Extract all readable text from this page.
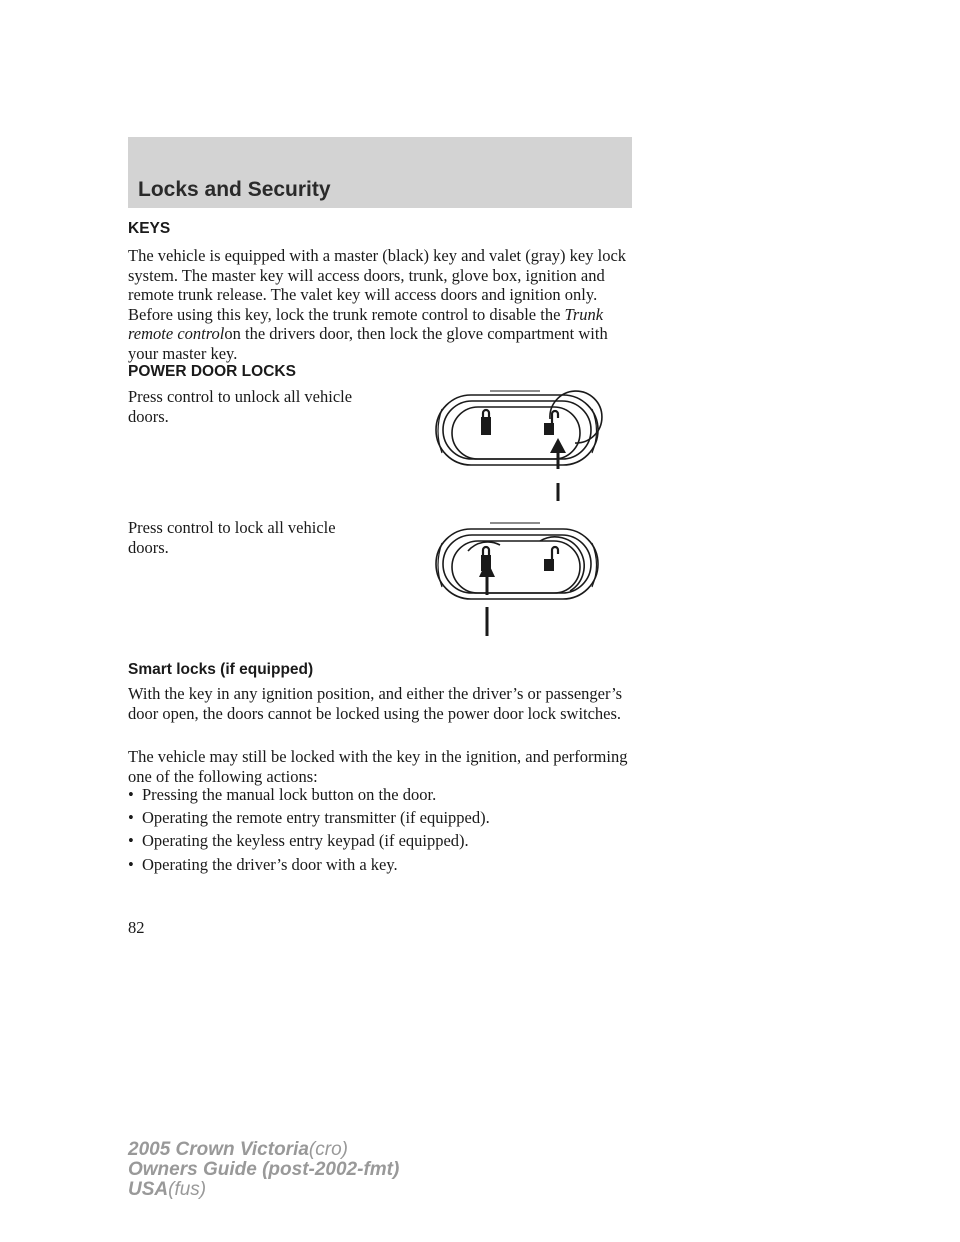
Locks and Security
KEYS

The vehicle is equipped with a master (black) key and valet (gray) key lock system. The master key will access doors, trunk, glove box, ignition and remote trunk release. The valet key will access doors and ignition only. Before using this key, lock the trunk remote control to disable the Trunk remote controlon the drivers door, then lock the glove compartment with your master key.

POWER DOOR LOCKS

Press control to unlock all vehicle doors.

Press control to lock all vehicle doors.

Smart locks (if equipped)

With the key in any ignition position, and either the driver’s or passenger’s door open, the doors cannot be locked using the power door lock switches.

The vehicle may still be locked with the key in the ignition, and performing one of the following actions:

• Pressing the manual lock button on the door.

• Operating the remote entry transmitter (if equipped).

• Operating the keyless entry keypad (if equipped).

• Operating the driver’s door with a key.

82

2005 Crown Victoria(cro)
Owners Guide (post-2002-fmt)
USA(fus)
